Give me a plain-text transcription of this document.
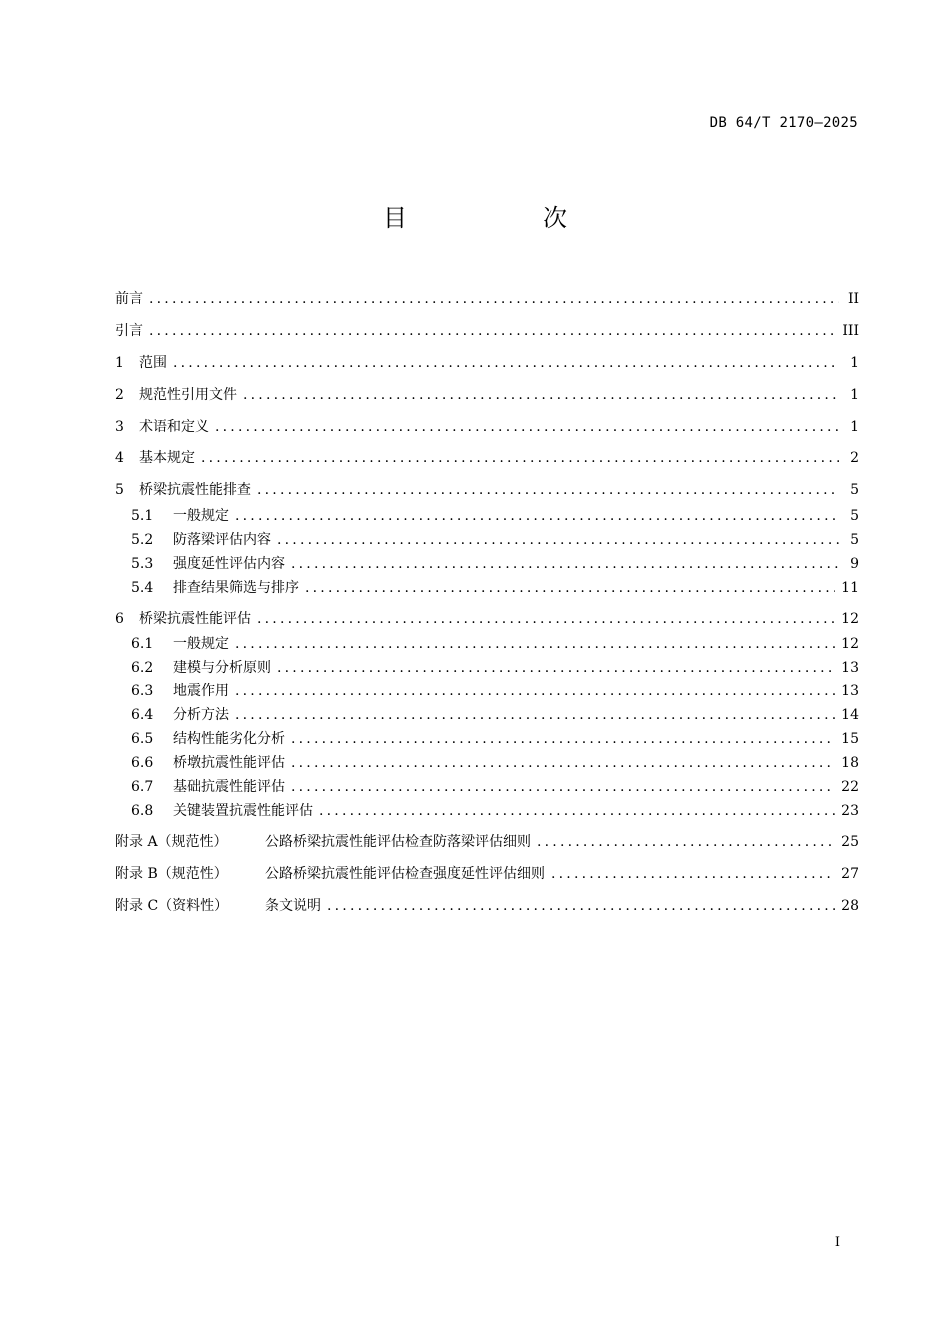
DB 64/T 2170—2025
目　次
前言 .....	II
引言 .....	III
1	范围 .....	1
2	规范性引用文件 .....	1
3	术语和定义 .....	1
4	基本规定 .....	2
5	桥梁抗震性能排查 .....	5
5.1	一般规定 .....	5
5.2	防落梁评估内容 .....	5
5.3	强度延性评估内容 .....	9
5.4	排查结果筛选与排序 .....	11
6	桥梁抗震性能评估 .....	12
6.1	一般规定 .....	12
6.2	建模与分析原则 .....	13
6.3	地震作用 .....	13
6.4	分析方法 .....	14
6.5	结构性能劣化分析 .....	15
6.6	桥墩抗震性能评估 .....	18
6.7	基础抗震性能评估 .....	22
6.8	关键装置抗震性能评估 .....	23
附录 A（规范性）	公路桥梁抗震性能评估检查防落梁评估细则 .....	25
附录 B（规范性）	公路桥梁抗震性能评估检查强度延性评估细则 .....	27
附录 C（资料性）	条文说明 .....	28
I
